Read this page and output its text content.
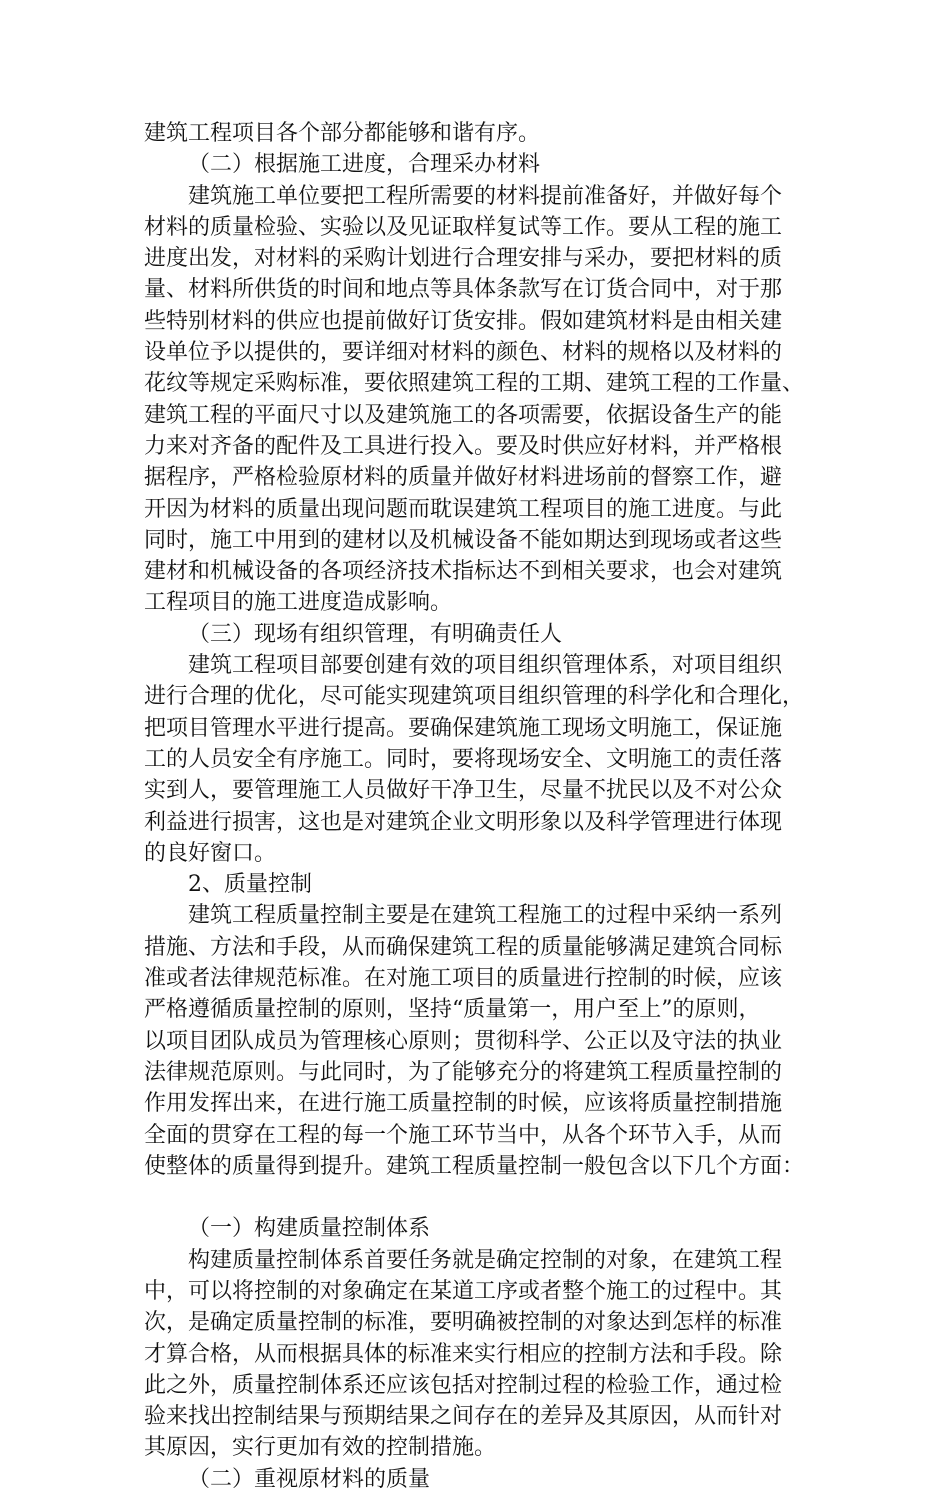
建筑工程项目各个部分都能够和谐有序。
（二）根据施工进度，合理采办材料
建筑施工单位要把工程所需要的材料提前准备好，并做好每个
材料的质量检验、实验以及见证取样复试等工作。要从工程的施工
进度出发，对材料的采购计划进行合理安排与采办，要把材料的质
量、材料所供货的时间和地点等具体条款写在订货合同中，对于那
些特别材料的供应也提前做好订货安排。假如建筑材料是由相关建
设单位予以提供的，要详细对材料的颜色、材料的规格以及材料的
花纹等规定采购标准，要依照建筑工程的工期、建筑工程的工作量、
建筑工程的平面尺寸以及建筑施工的各项需要，依据设备生产的能
力来对齐备的配件及工具进行投入。要及时供应好材料，并严格根
据程序，严格检验原材料的质量并做好材料进场前的督察工作，避
开因为材料的质量出现问题而耽误建筑工程项目的施工进度。与此
同时，施工中用到的建材以及机械设备不能如期达到现场或者这些
建材和机械设备的各项经济技术指标达不到相关要求，也会对建筑
工程项目的施工进度造成影响。
（三）现场有组织管理，有明确责任人
建筑工程项目部要创建有效的项目组织管理体系，对项目组织
进行合理的优化，尽可能实现建筑项目组织管理的科学化和合理化，
把项目管理水平进行提高。要确保建筑施工现场文明施工，保证施
工的人员安全有序施工。同时，要将现场安全、文明施工的责任落
实到人，要管理施工人员做好干净卫生，尽量不扰民以及不对公众
利益进行损害，这也是对建筑企业文明形象以及科学管理进行体现
的良好窗口。
2、质量控制
建筑工程质量控制主要是在建筑工程施工的过程中采纳一系列
措施、方法和手段，从而确保建筑工程的质量能够满足建筑合同标
准或者法律规范标准。在对施工项目的质量进行控制的时候，应该
严格遵循质量控制的原则，坚持“质量第一，用户至上”的原则，
以项目团队成员为管理核心原则；贯彻科学、公正以及守法的执业
法律规范原则。与此同时，为了能够充分的将建筑工程质量控制的
作用发挥出来，在进行施工质量控制的时候，应该将质量控制措施
全面的贯穿在工程的每一个施工环节当中，从各个环节入手，从而
使整体的质量得到提升。建筑工程质量控制一般包含以下几个方面：
（一）构建质量控制体系
构建质量控制体系首要任务就是确定控制的对象，在建筑工程
中，可以将控制的对象确定在某道工序或者整个施工的过程中。其
次，是确定质量控制的标准，要明确被控制的对象达到怎样的标准
才算合格，从而根据具体的标准来实行相应的控制方法和手段。除
此之外，质量控制体系还应该包括对控制过程的检验工作，通过检
验来找出控制结果与预期结果之间存在的差异及其原因，从而针对
其原因，实行更加有效的控制措施。
（二）重视原材料的质量
